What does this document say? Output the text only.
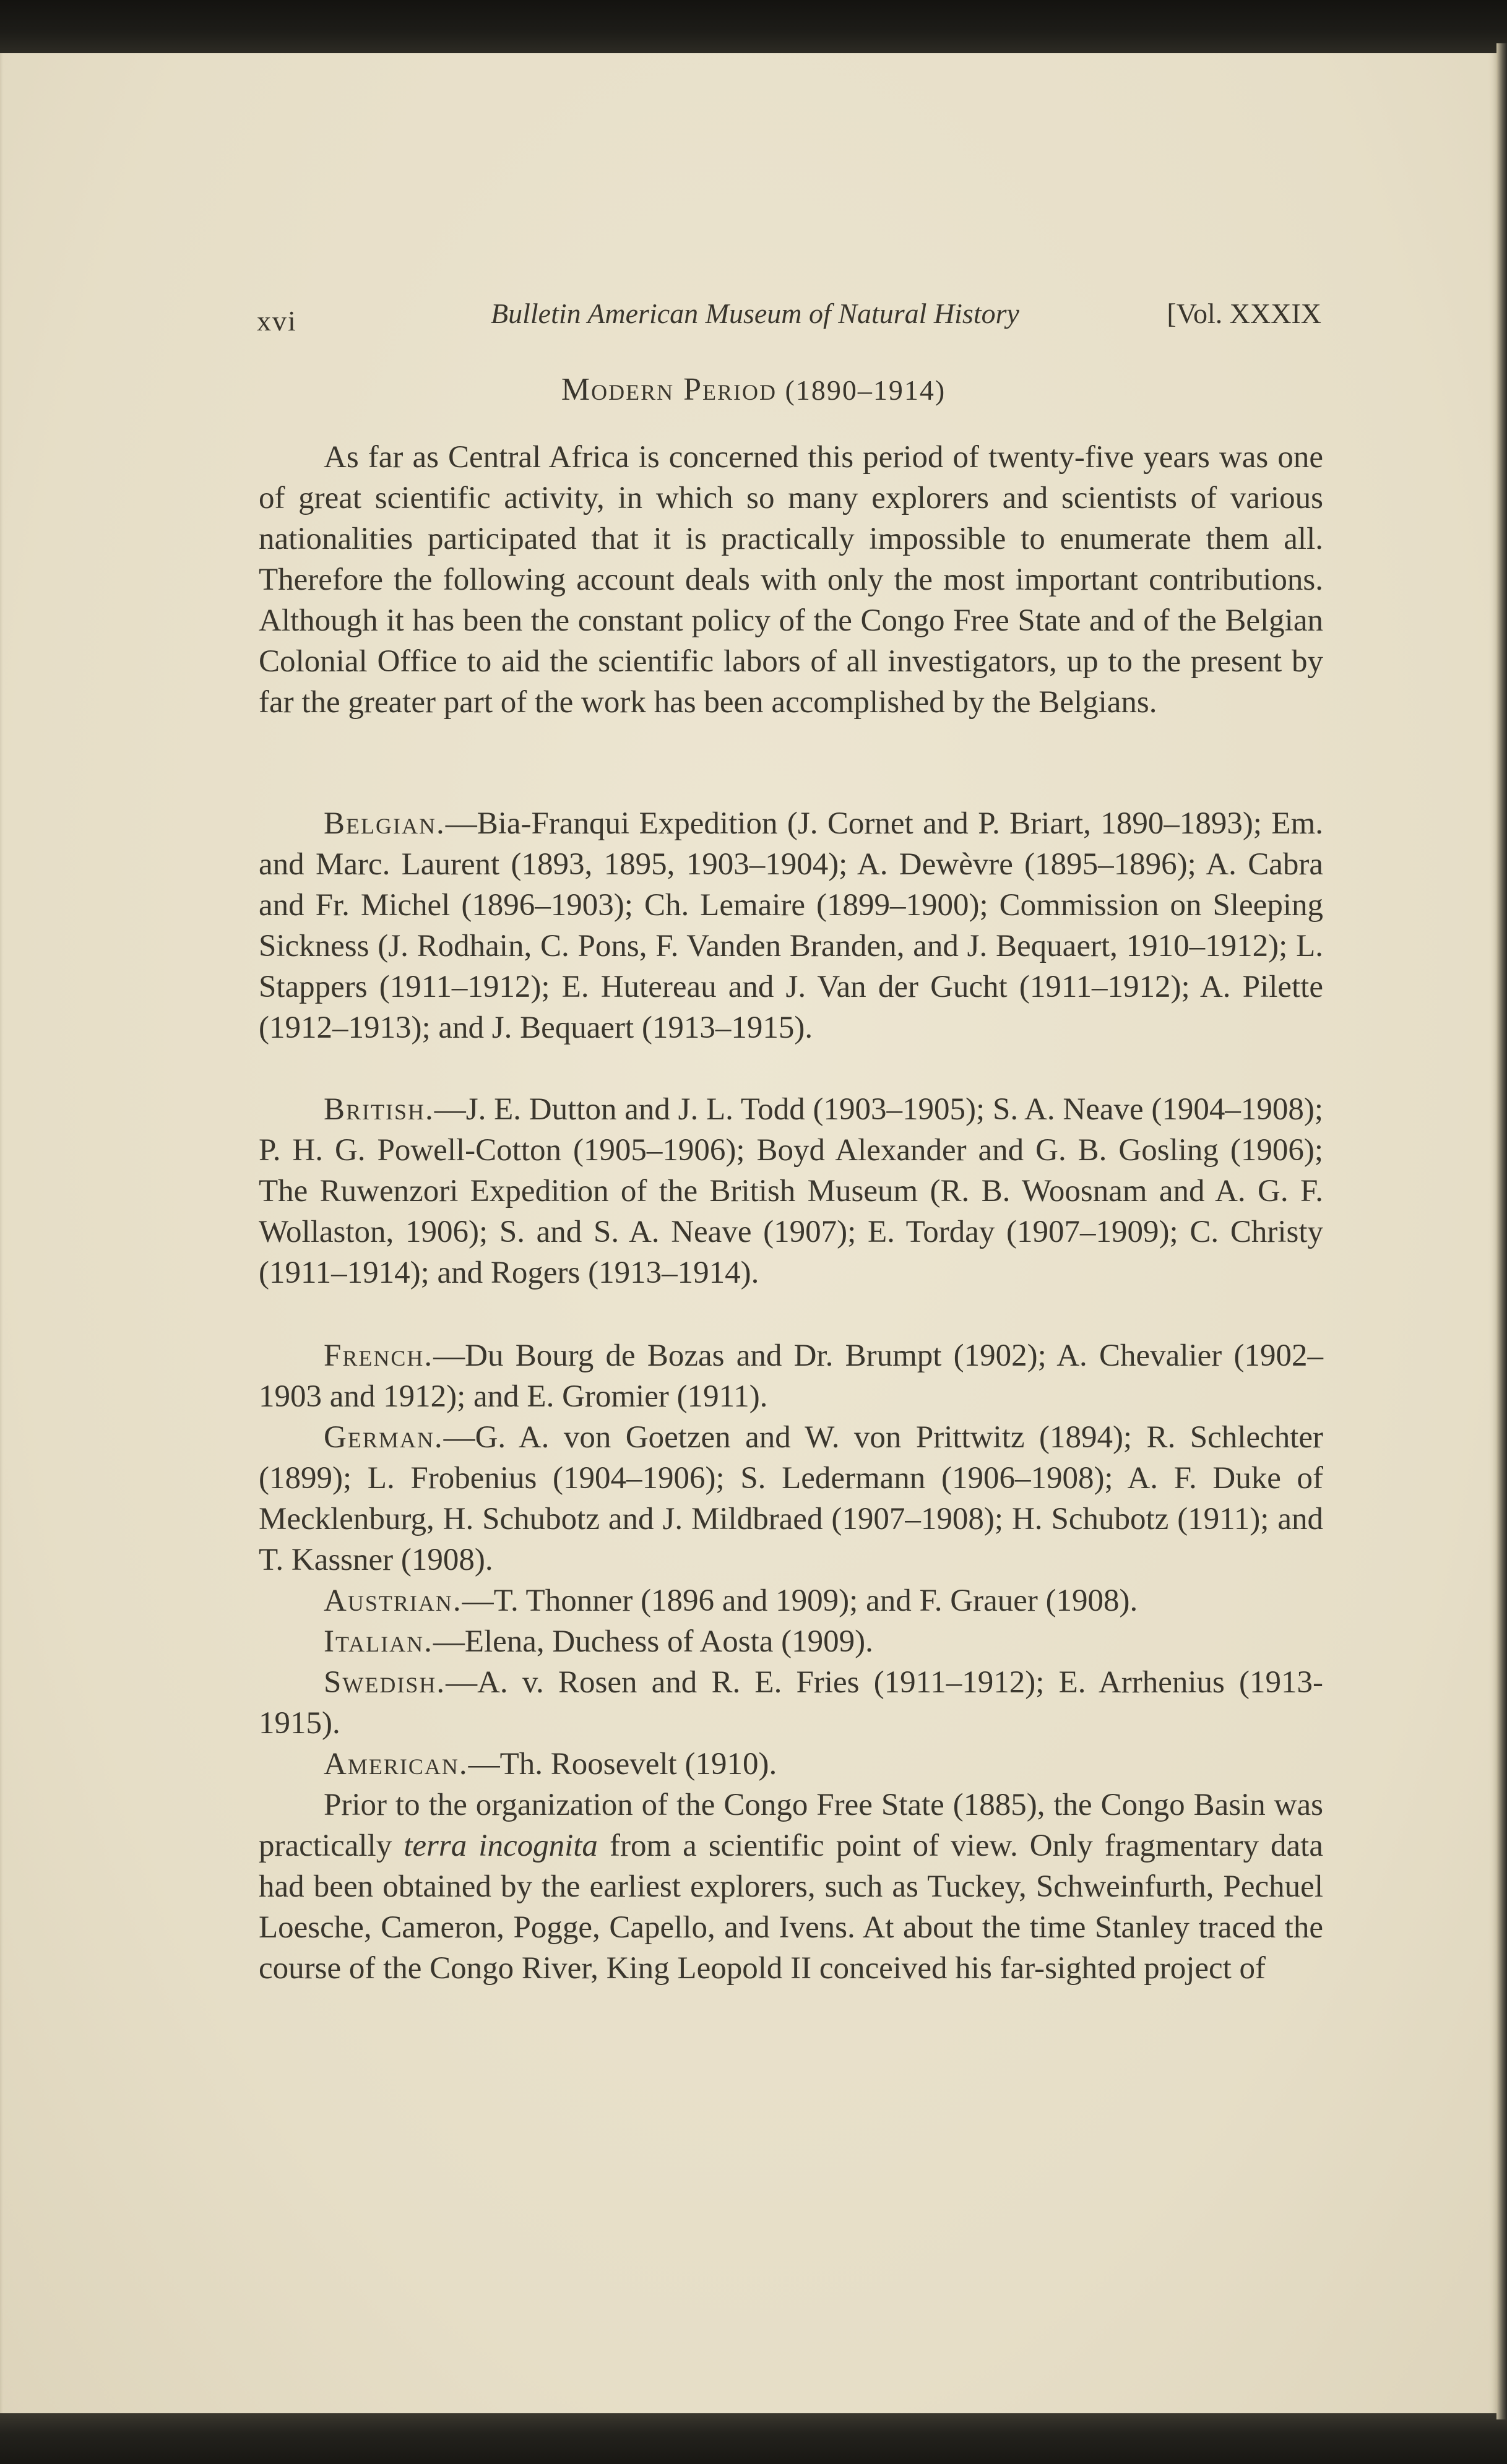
xvi	Bulletin American Museum of Natural History	[Vol. XXXIX
Modern Period (1890–1914)

As far as Central Africa is concerned this period of twenty-five years was one of great scientific activity, in which so many explorers and scientists of various nationalities participated that it is practically impossible to enumerate them all. Therefore the following account deals with only the most important contributions. Although it has been the constant policy of the Congo Free State and of the Belgian Colonial Office to aid the scientific labors of all investigators, up to the present by far the greater part of the work has been accomplished by the Belgians.

Belgian.—Bia-Franqui Expedition (J. Cornet and P. Briart, 1890–1893); Em. and Marc. Laurent (1893, 1895, 1903–1904); A. Dewèvre (1895–1896); A. Cabra and Fr. Michel (1896–1903); Ch. Lemaire (1899–1900); Commission on Sleeping Sickness (J. Rodhain, C. Pons, F. Vanden Branden, and J. Bequaert, 1910–1912); L. Stappers (1911–1912); E. Hutereau and J. Van der Gucht (1911–1912); A. Pilette (1912–1913); and J. Bequaert (1913–1915).

British.—J. E. Dutton and J. L. Todd (1903–1905); S. A. Neave (1904–1908); P. H. G. Powell-Cotton (1905–1906); Boyd Alexander and G. B. Gosling (1906); The Ruwenzori Expedition of the British Museum (R. B. Woosnam and A. G. F. Wollaston, 1906); S. and S. A. Neave (1907); E. Torday (1907–1909); C. Christy (1911–1914); and Rogers (1913–1914).

French.—Du Bourg de Bozas and Dr. Brumpt (1902); A. Chevalier (1902–1903 and 1912); and E. Gromier (1911).

German.—G. A. von Goetzen and W. von Prittwitz (1894); R. Schlechter (1899); L. Frobenius (1904–1906); S. Ledermann (1906–1908); A. F. Duke of Mecklenburg, H. Schubotz and J. Mildbraed (1907–1908); H. Schubotz (1911); and T. Kassner (1908).

Austrian.—T. Thonner (1896 and 1909); and F. Grauer (1908).

Italian.—Elena, Duchess of Aosta (1909).

Swedish.—A. v. Rosen and R. E. Fries (1911–1912); E. Arrhenius (1913-1915).

American.—Th. Roosevelt (1910).

Prior to the organization of the Congo Free State (1885), the Congo Basin was practically terra incognita from a scientific point of view. Only fragmentary data had been obtained by the earliest explorers, such as Tuckey, Schweinfurth, Pechuel Loesche, Cameron, Pogge, Capello, and Ivens. At about the time Stanley traced the course of the Congo River, King Leopold II conceived his far-sighted project of
